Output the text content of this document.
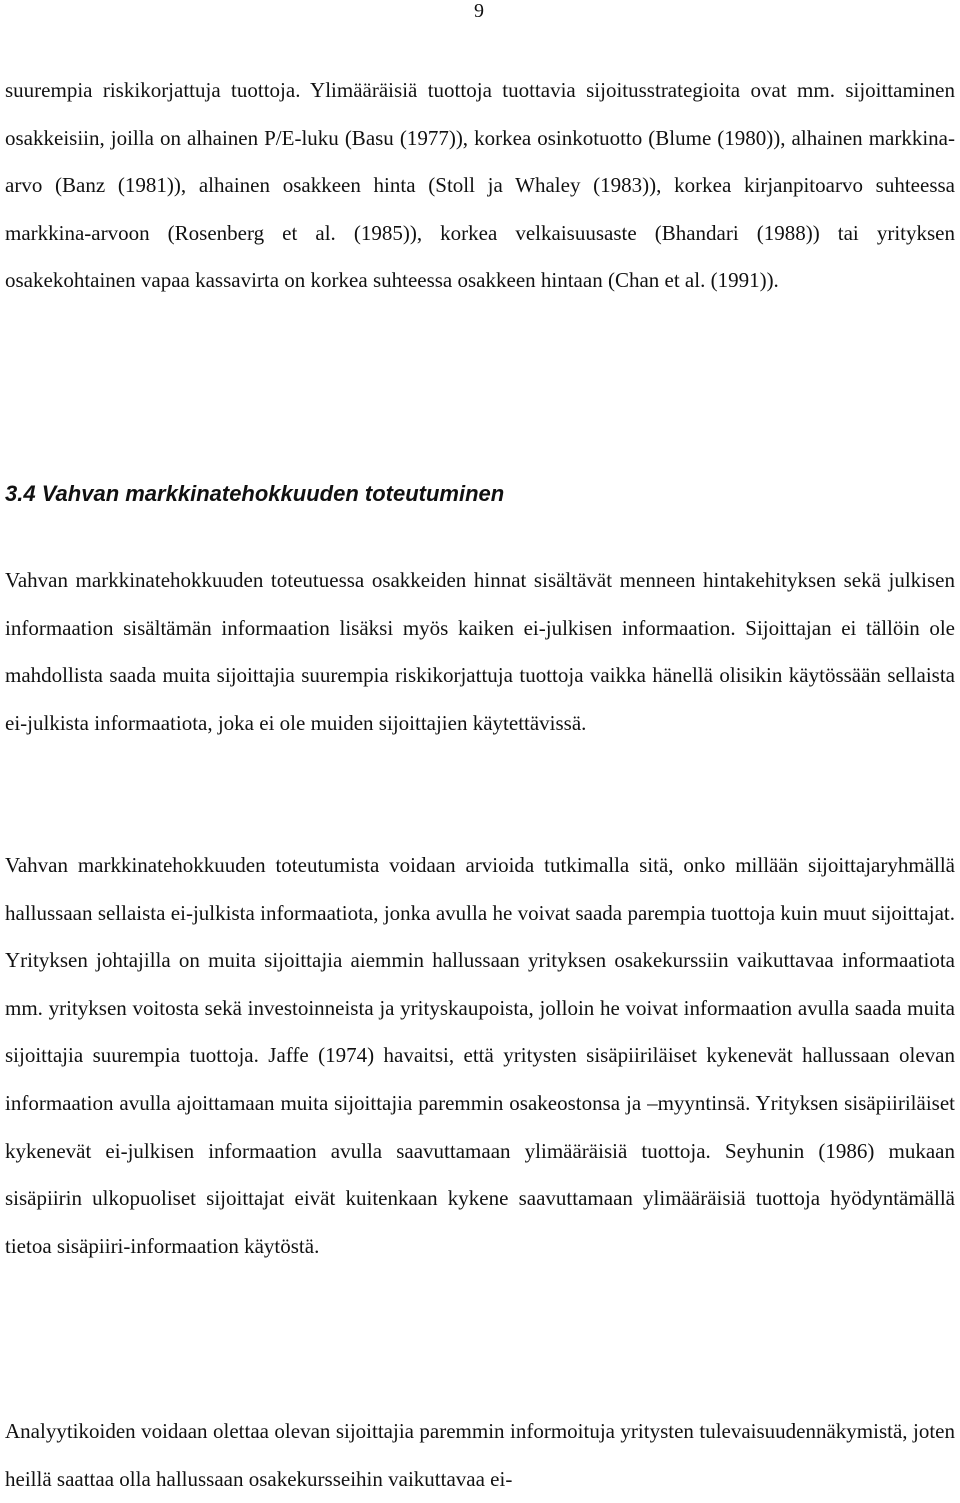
9

suurempia riskikorjattuja tuottoja. Ylimääräisiä tuottoja tuottavia sijoitusstrategioita ovat mm. sijoittaminen osakkeisiin, joilla on alhainen P/E-luku (Basu (1977)), korkea osinkotuotto (Blume (1980)), alhainen markkina-arvo (Banz (1981)), alhainen osakkeen hinta (Stoll ja Whaley (1983)), korkea kirjanpitoarvo suhteessa markkina-arvoon (Rosenberg et al. (1985)), korkea velkaisuusaste (Bhandari (1988)) tai yrityksen osakekohtainen vapaa kassavirta on korkea suhteessa osakkeen hintaan (Chan et al. (1991)).

3.4 Vahvan markkinatehokkuuden toteutuminen

Vahvan markkinatehokkuuden toteutuessa osakkeiden hinnat sisältävät menneen hintakehityksen sekä julkisen informaation sisältämän informaation lisäksi myös kaiken ei-julkisen informaation. Sijoittajan ei tällöin ole mahdollista saada muita sijoittajia suurempia riskikorjattuja tuottoja vaikka hänellä olisikin käytössään sellaista ei-julkista informaatiota, joka ei ole muiden sijoittajien käytettävissä.

Vahvan markkinatehokkuuden toteutumista voidaan arvioida tutkimalla sitä, onko millään sijoittajaryhmällä hallussaan sellaista ei-julkista informaatiota, jonka avulla he voivat saada parempia tuottoja kuin muut sijoittajat. Yrityksen johtajilla on muita sijoittajia aiemmin hallussaan yrityksen osakekurssiin vaikuttavaa informaatiota mm. yrityksen voitosta sekä investoinneista ja yrityskaupoista, jolloin he voivat informaation avulla saada muita sijoittajia suurempia tuottoja. Jaffe (1974) havaitsi, että yritysten sisäpiiriläiset kykenevät hallussaan olevan informaation avulla ajoittamaan muita sijoittajia paremmin osakeostonsa ja –myyntinsä. Yrityksen sisäpiiriläiset kykenevät ei-julkisen informaation avulla saavuttamaan ylimääräisiä tuottoja. Seyhunin (1986) mukaan sisäpiirin ulkopuoliset sijoittajat eivät kuitenkaan kykene saavuttamaan ylimääräisiä tuottoja hyödyntämällä tietoa sisäpiiri-informaation käytöstä.

Analyytikoiden voidaan olettaa olevan sijoittajia paremmin informoituja yritysten tulevaisuudennäkymistä, joten heillä saattaa olla hallussaan osakekursseihin vaikuttavaa ei-
